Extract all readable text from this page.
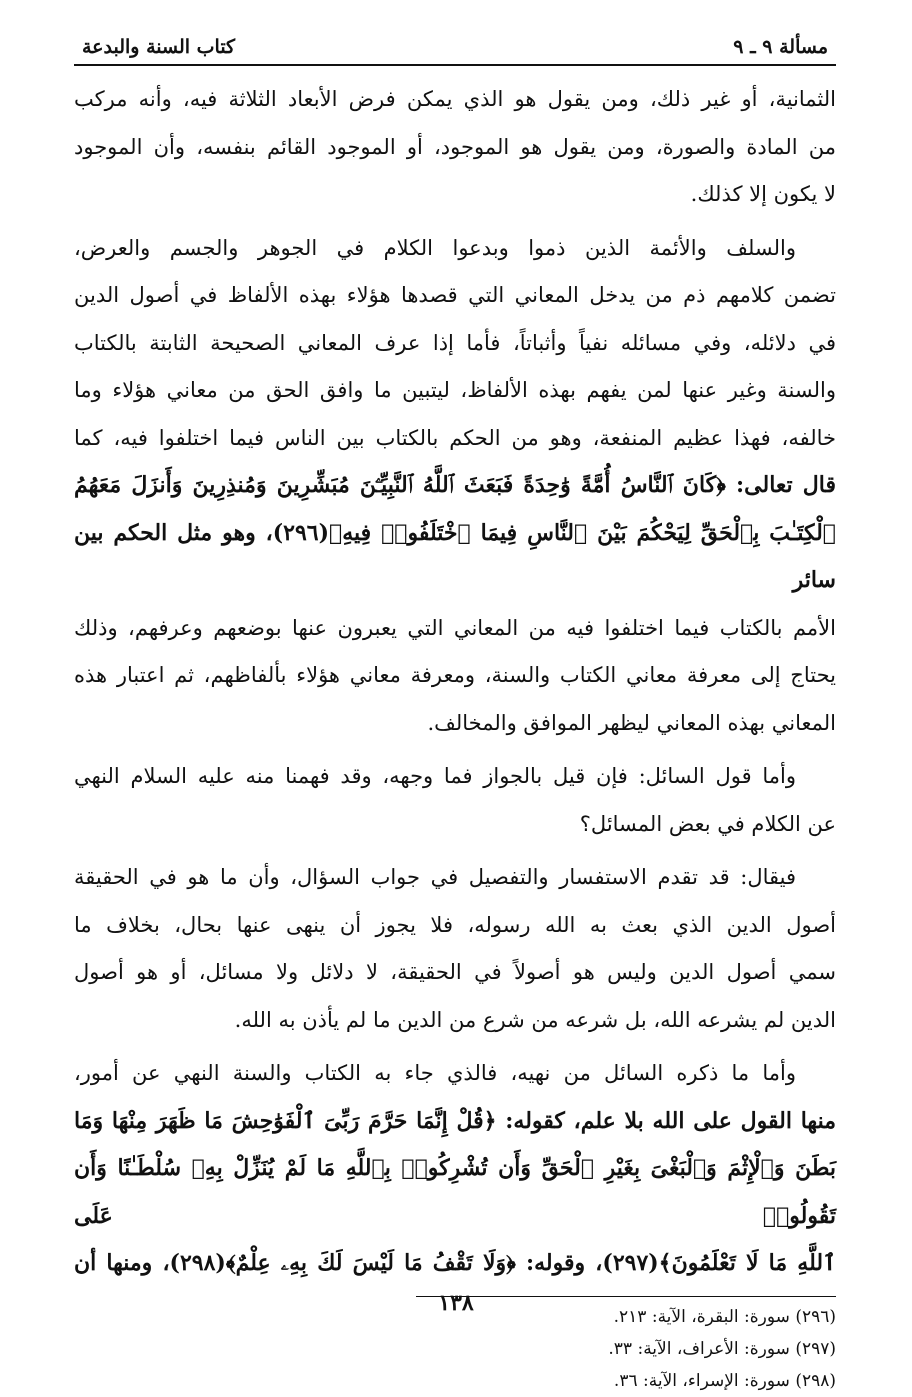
مسألة ٩ ـ ٩
كتاب السنة والبدعة

الثمانية، أو غير ذلك، ومن يقول هو الذي يمكن فرض الأبعاد الثلاثة فيه، وأنه مركب
من المادة والصورة، ومن يقول هو الموجود، أو الموجود القائم بنفسه، وأن الموجود
لا يكون إلا كذلك.

والسلف والأئمة الذين ذموا وبدعوا الكلام في الجوهر والجسم والعرض،
تضمن كلامهم ذم من يدخل المعاني التي قصدها هؤلاء بهذه الألفاظ في أصول الدين
في دلائله، وفي مسائله نفياً وأثباتاً، فأما إذا عرف المعاني الصحيحة الثابتة بالكتاب
والسنة وغير عنها لمن يفهم بهذه الألفاظ، ليتبين ما وافق الحق من معاني هؤلاء وما
خالفه، فهذا عظيم المنفعة، وهو من الحكم بالكتاب بين الناس فيما اختلفوا فيه، كما
قال تعالى: ﴿كَانَ ٱلنَّاسُ أُمَّةً وَٰحِدَةً فَبَعَثَ ٱللَّهُ ٱلنَّبِيِّـۧنَ مُبَشِّرِينَ وَمُنذِرِينَ وَأَنزَلَ مَعَهُمُ
ٱلْكِتَـٰبَ بِٱلْحَقِّ لِيَحْكُمَ بَيْنَ ٱلنَّاسِ فِيمَا ٱخْتَلَفُوا۟ فِيهِ﴾(٢٩٦)، وهو مثل الحكم بين سائر
الأمم بالكتاب فيما اختلفوا فيه من المعاني التي يعبرون عنها بوضعهم وعرفهم، وذلك
يحتاج إلى معرفة معاني الكتاب والسنة، ومعرفة معاني هؤلاء بألفاظهم، ثم اعتبار هذه
المعاني بهذه المعاني ليظهر الموافق والمخالف.

وأما قول السائل: فإن قيل بالجواز فما وجهه، وقد فهمنا منه عليه السلام النهي
عن الكلام في بعض المسائل؟

فيقال: قد تقدم الاستفسار والتفصيل في جواب السؤال، وأن ما هو في الحقيقة
أصول الدين الذي بعث به الله رسوله، فلا يجوز أن ينهى عنها بحال، بخلاف ما
سمي أصول الدين وليس هو أصولاً في الحقيقة، لا دلائل ولا مسائل، أو هو أصول
الدين لم يشرعه الله، بل شرعه من شرع من الدين ما لم يأذن به الله.

وأما ما ذكره السائل من نهيه، فالذي جاء به الكتاب والسنة النهي عن أمور،
منها القول على الله بلا علم، كقوله: ﴿قُلْ إِنَّمَا حَرَّمَ رَبِّىَ ٱلْفَوَٰحِشَ مَا ظَهَرَ مِنْهَا وَمَا
بَطَنَ وَٱلْإِثْمَ وَٱلْبَغْىَ بِغَيْرِ ٱلْحَقِّ وَأَن تُشْرِكُوا۟ بِٱللَّهِ مَا لَمْ يُنَزِّلْ بِهِۦ سُلْطَـٰنًا وَأَن تَقُولُوا۟ عَلَى
ٱللَّهِ مَا لَا تَعْلَمُونَ﴾(٢٩٧)، وقوله: ﴿وَلَا تَقْفُ مَا لَيْسَ لَكَ بِهِۦ عِلْمٌ﴾(٢٩٨)، ومنها أن

(٢٩٦) سورة: البقرة، الآية: ٢١٣.
(٢٩٧) سورة: الأعراف، الآية: ٣٣.
(٢٩٨) سورة: الإسراء، الآية: ٣٦.
١٣٨
